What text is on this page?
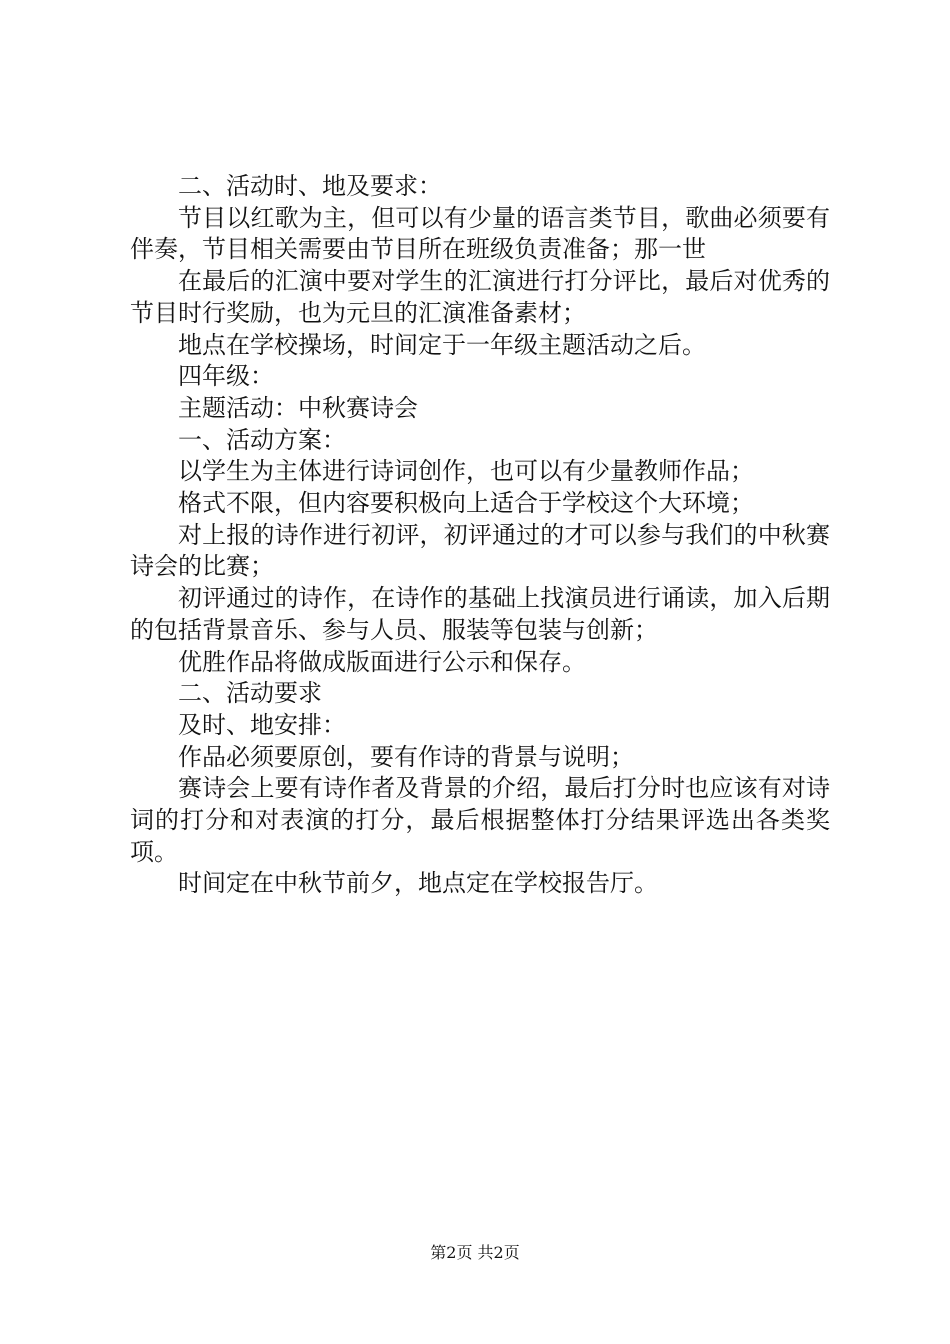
二、活动时、地及要求：

节目以红歌为主，但可以有少量的语言类节目，歌曲必须要有伴奏，节目相关需要由节目所在班级负责准备；那一世

在最后的汇演中要对学生的汇演进行打分评比，最后对优秀的节目时行奖励，也为元旦的汇演准备素材；

地点在学校操场，时间定于一年级主题活动之后。

四年级：

主题活动：中秋赛诗会

一、活动方案：

以学生为主体进行诗词创作，也可以有少量教师作品；

格式不限，但内容要积极向上适合于学校这个大环境；

对上报的诗作进行初评，初评通过的才可以参与我们的中秋赛诗会的比赛；

初评通过的诗作，在诗作的基础上找演员进行诵读，加入后期的包括背景音乐、参与人员、服装等包装与创新；

优胜作品将做成版面进行公示和保存。

二、活动要求

及时、地安排：

作品必须要原创，要有作诗的背景与说明；

赛诗会上要有诗作者及背景的介绍，最后打分时也应该有对诗词的打分和对表演的打分，最后根据整体打分结果评选出各类奖项。

时间定在中秋节前夕，地点定在学校报告厅。

第2页 共2页
